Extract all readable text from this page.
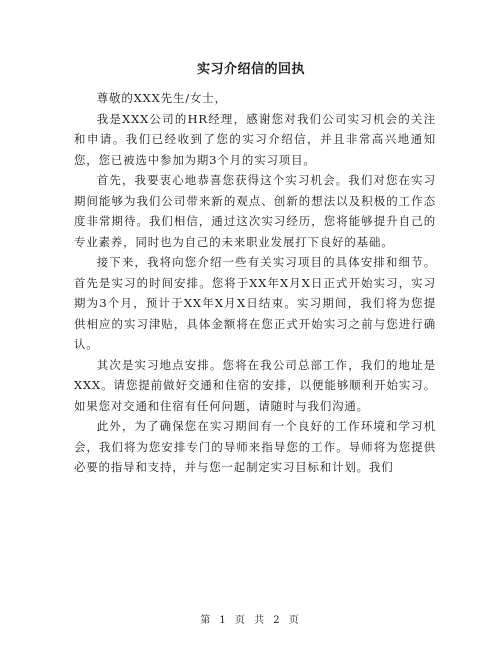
实习介绍信的回执

尊敬的XXX先生/女士，

我是XXX公司的HR经理，感谢您对我们公司实习机会的关注和申请。我们已经收到了您的实习介绍信，并且非常高兴地通知您，您已被选中参加为期3个月的实习项目。

首先，我要衷心地恭喜您获得这个实习机会。我们对您在实习期间能够为我们公司带来新的观点、创新的想法以及积极的工作态度非常期待。我们相信，通过这次实习经历，您将能够提升自己的专业素养，同时也为自己的未来职业发展打下良好的基础。

接下来，我将向您介绍一些有关实习项目的具体安排和细节。首先是实习的时间安排。您将于XX年X月X日正式开始实习，实习期为3个月，预计于XX年X月X日结束。实习期间，我们将为您提供相应的实习津贴，具体金额将在您正式开始实习之前与您进行确认。

其次是实习地点安排。您将在我公司总部工作，我们的地址是XXX。请您提前做好交通和住宿的安排，以便能够顺利开始实习。如果您对交通和住宿有任何问题，请随时与我们沟通。

此外，为了确保您在实习期间有一个良好的工作环境和学习机会，我们将为您安排专门的导师来指导您的工作。导师将为您提供必要的指导和支持，并与您一起制定实习目标和计划。我们

第 1 页 共 2 页
